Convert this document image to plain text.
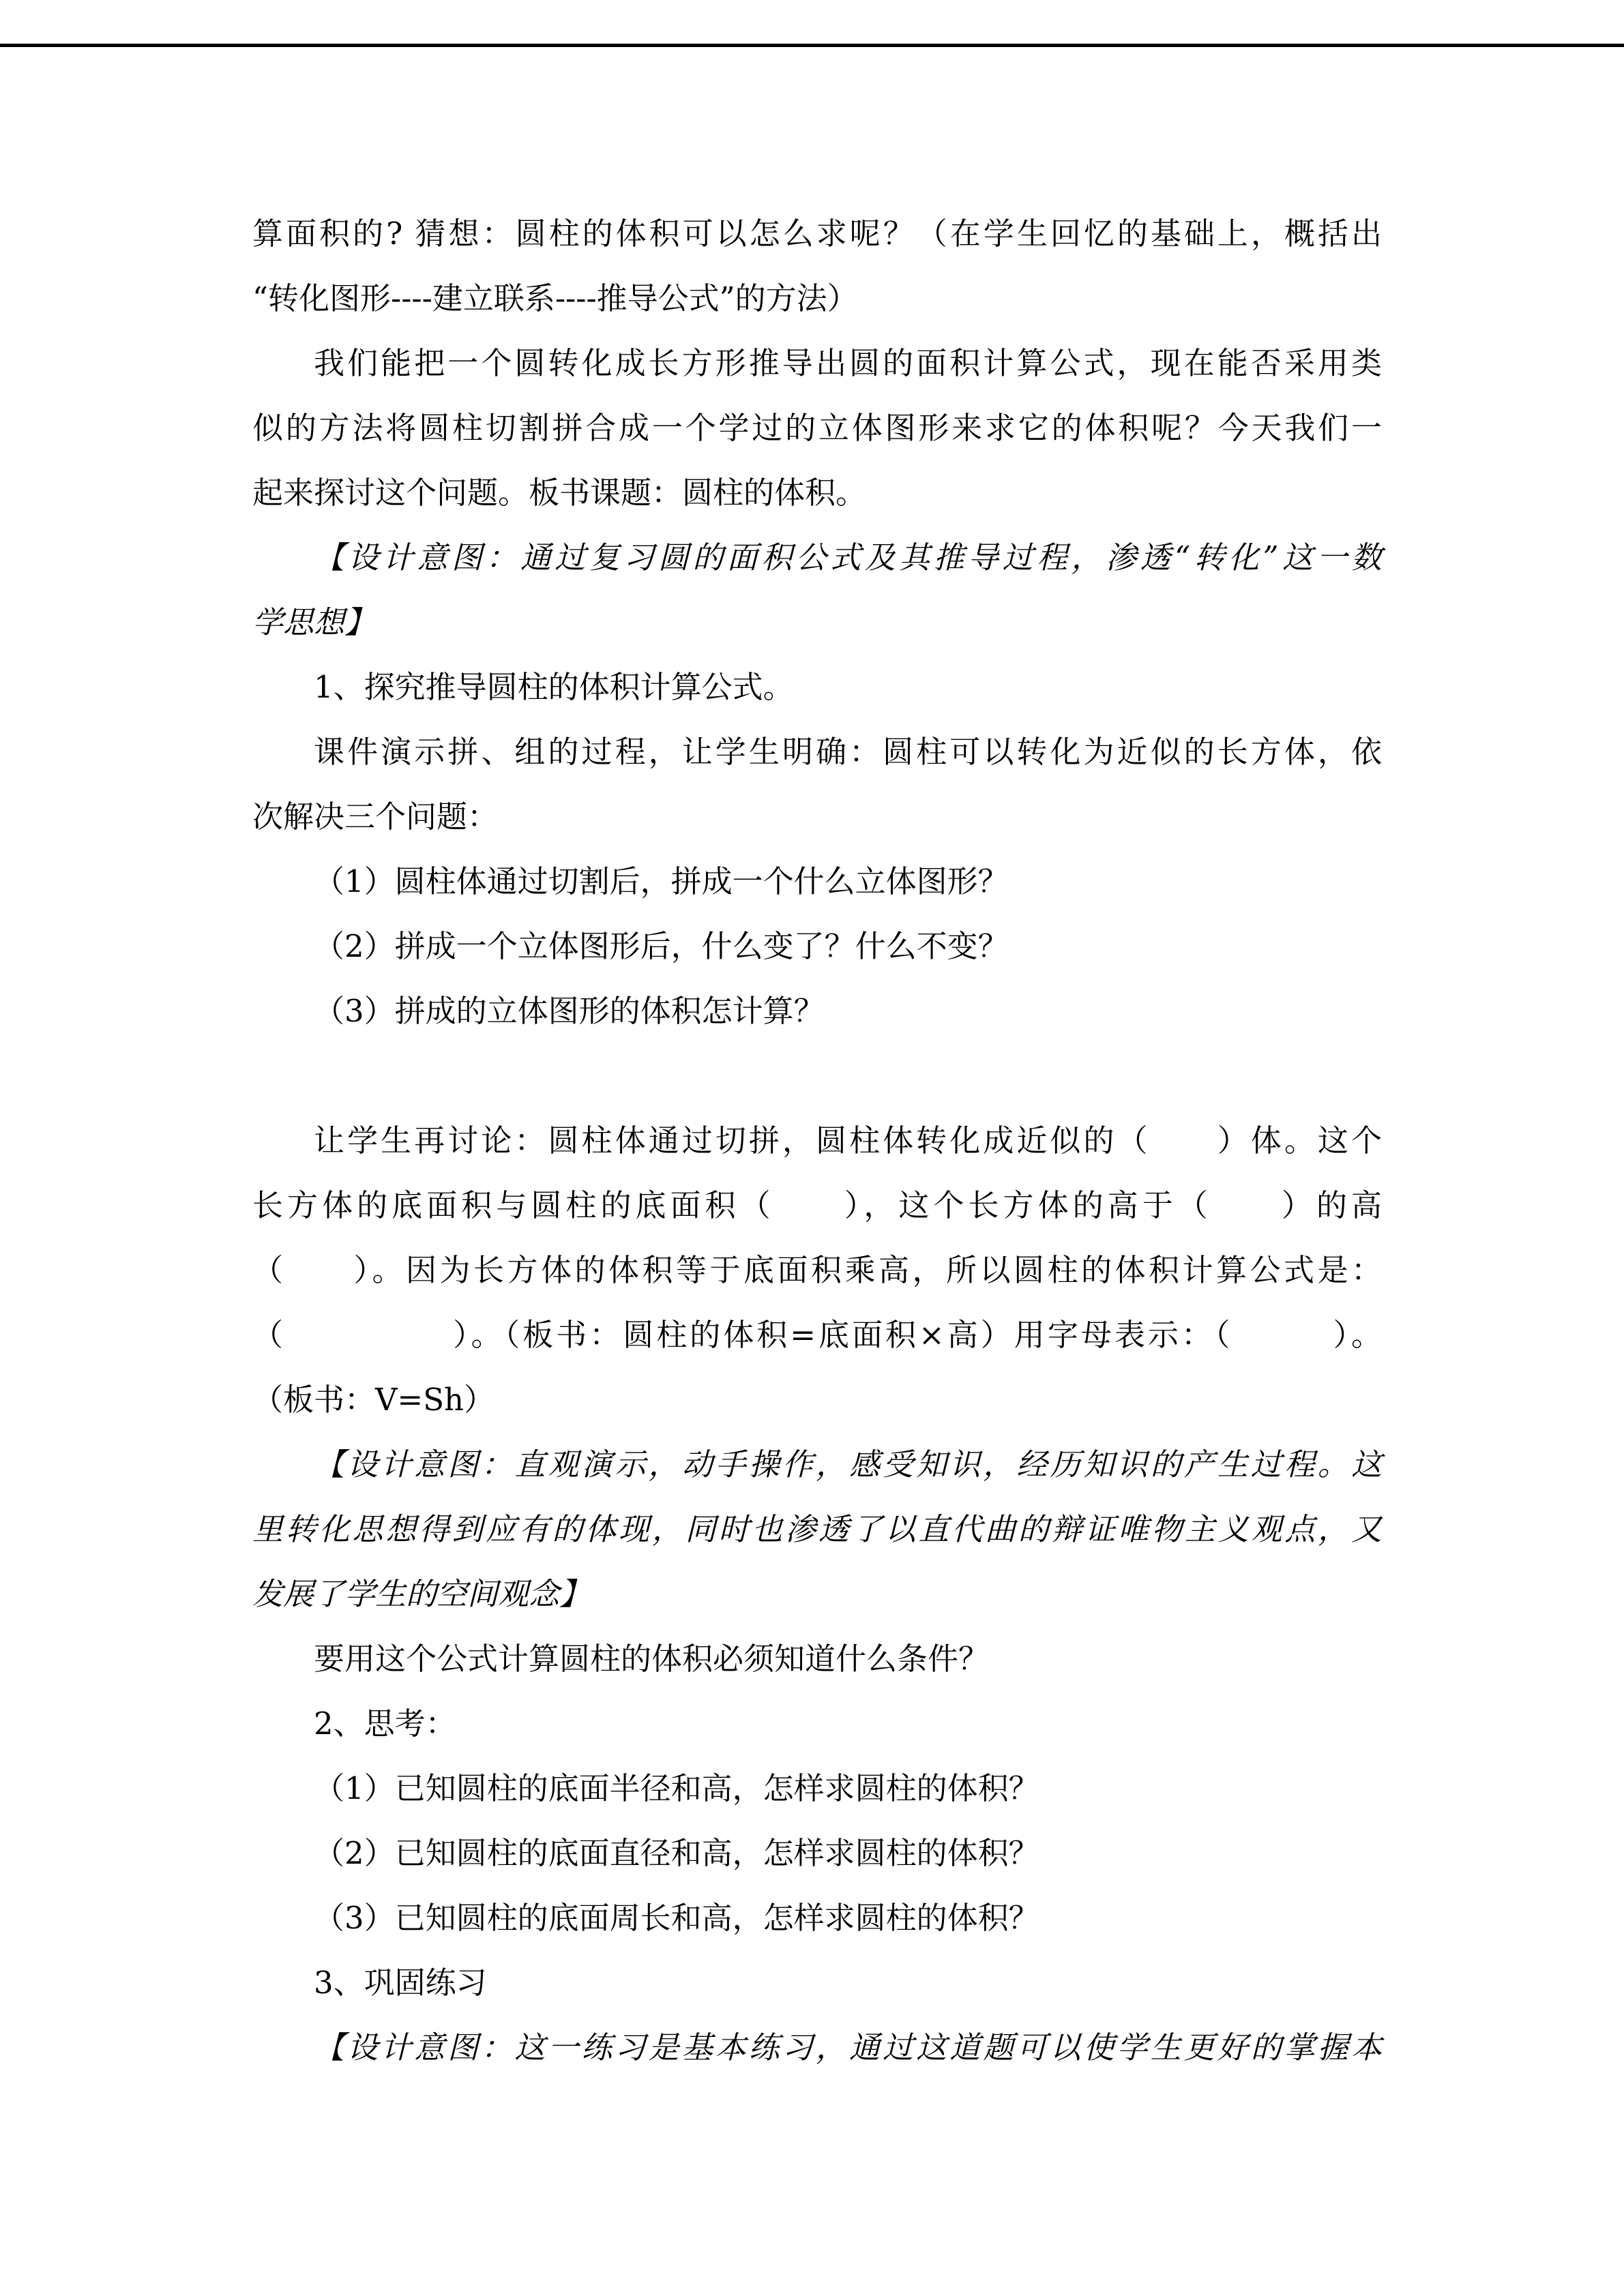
算面积的? 猜想：圆柱的体积可以怎么求呢？（在学生回忆的基础上，概括出
“转化图形----建立联系----推导公式”的方法）
我们能把一个圆转化成长方形推导出圆的面积计算公式，现在能否采用类
似的方法将圆柱切割拼合成一个学过的立体图形来求它的体积呢？今天我们一
起来探讨这个问题。板书课题：圆柱的体积。
【设计意图：通过复习圆的面积公式及其推导过程，渗透“转化”这一数
学思想】
1、探究推导圆柱的体积计算公式。
课件演示拼、组的过程，让学生明确：圆柱可以转化为近似的长方体，依
次解决三个问题：
（1）圆柱体通过切割后，拼成一个什么立体图形？
（2）拼成一个立体图形后，什么变了？什么不变？
（3）拼成的立体图形的体积怎计算？
让学生再讨论：圆柱体通过切拼，圆柱体转化成近似的（　　）体。这个
长方体的底面积与圆柱的底面积（　　），这个长方体的高于（　　）的高
（　　）。因为长方体的体积等于底面积乘高，所以圆柱的体积计算公式是：
（　　　　　）。（板书：圆柱的体积=底面积×高）用字母表示：（　　　）。
（板书：V=Sh）
【设计意图：直观演示，动手操作，感受知识，经历知识的产生过程。这
里转化思想得到应有的体现，同时也渗透了以直代曲的辩证唯物主义观点，又
发展了学生的空间观念】
要用这个公式计算圆柱的体积必须知道什么条件？
2、思考：
（1）已知圆柱的底面半径和高，怎样求圆柱的体积？
（2）已知圆柱的底面直径和高，怎样求圆柱的体积？
（3）已知圆柱的底面周长和高，怎样求圆柱的体积？
3、巩固练习
【设计意图：这一练习是基本练习，通过这道题可以使学生更好的掌握本
